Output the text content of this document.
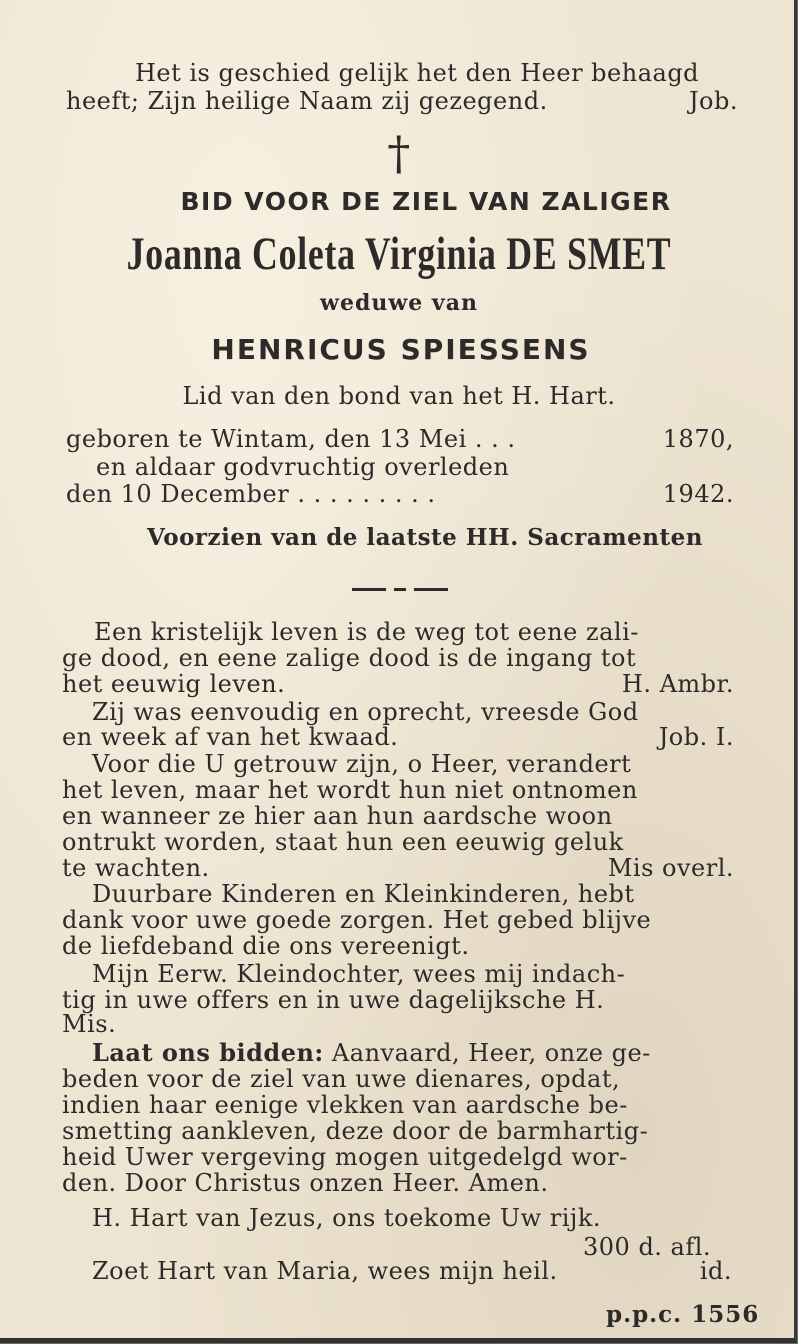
Het is geschied gelijk het den Heer behaagd
heeft; Zijn heilige Naam zij gezegend.	Job.
†
BID VOOR DE ZIEL VAN ZALIGER
Joanna Coleta Virginia DE SMET
weduwe van
HENRICUS SPIESSENS
Lid van den bond van het H. Hart.
geboren te Wintam, den 13 Mei . . .	1870,
en aldaar godvruchtig overleden
den 10 December . . . . . . . . .	1942.
Voorzien van de laatste HH. Sacramenten
Een kristelijk leven is de weg tot eene zali-
ge dood, en eene zalige dood is de ingang tot
het eeuwig leven.	H. Ambr.
Zij was eenvoudig en oprecht, vreesde God
en week af van het kwaad.	Job. I.
Voor die U getrouw zijn, o Heer, verandert
het leven, maar het wordt hun niet ontnomen
en wanneer ze hier aan hun aardsche woon
ontrukt worden, staat hun een eeuwig geluk
te wachten.	Mis overl.
Duurbare Kinderen en Kleinkinderen, hebt
dank voor uwe goede zorgen. Het gebed blijve
de liefdeband die ons vereenigt.
Mijn Eerw. Kleindochter, wees mij indach-
tig in uwe offers en in uwe dagelijksche H.
Mis.
Laat ons bidden: Aanvaard, Heer, onze ge-
beden voor de ziel van uwe dienares, opdat,
indien haar eenige vlekken van aardsche be-
smetting aankleven, deze door de barmhartig-
heid Uwer vergeving mogen uitgedelgd wor-
den. Door Christus onzen Heer. Amen.
H. Hart van Jezus, ons toekome Uw rijk.
300 d. afl.
Zoet Hart van Maria, wees mijn heil.	id.
p.p.c. 1556
